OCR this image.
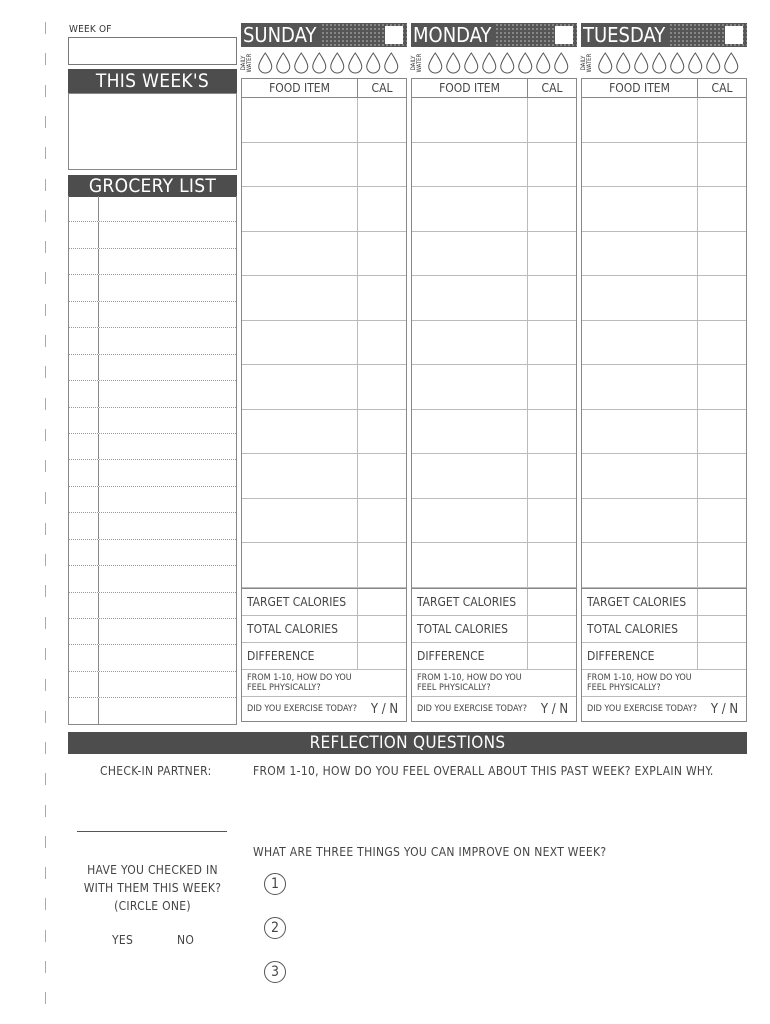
WEEK OF
THIS WEEK'S
GROCERY LIST
SUNDAY
DAILY WATER
FOOD ITEM	CAL
TARGET CALORIES
TOTAL CALORIES
DIFFERENCE
FROM 1-10, HOW DO YOU
FEEL PHYSICALLY?
DID YOU EXERCISE TODAY?	Y / N
MONDAY
DAILY WATER
FOOD ITEM	CAL
TARGET CALORIES
TOTAL CALORIES
DIFFERENCE
FROM 1-10, HOW DO YOU
FEEL PHYSICALLY?
DID YOU EXERCISE TODAY?	Y / N
TUESDAY
DAILY WATER
FOOD ITEM	CAL
TARGET CALORIES
TOTAL CALORIES
DIFFERENCE
FROM 1-10, HOW DO YOU
FEEL PHYSICALLY?
DID YOU EXERCISE TODAY?	Y / N
REFLECTION QUESTIONS
CHECK-IN PARTNER:	FROM 1-10, HOW DO YOU FEEL OVERALL ABOUT THIS PAST WEEK? EXPLAIN WHY.
HAVE YOU CHECKED IN
WITH THEM THIS WEEK?
(CIRCLE ONE)
YES	NO
WHAT ARE THREE THINGS YOU CAN IMPROVE ON NEXT WEEK?
1
2
3
